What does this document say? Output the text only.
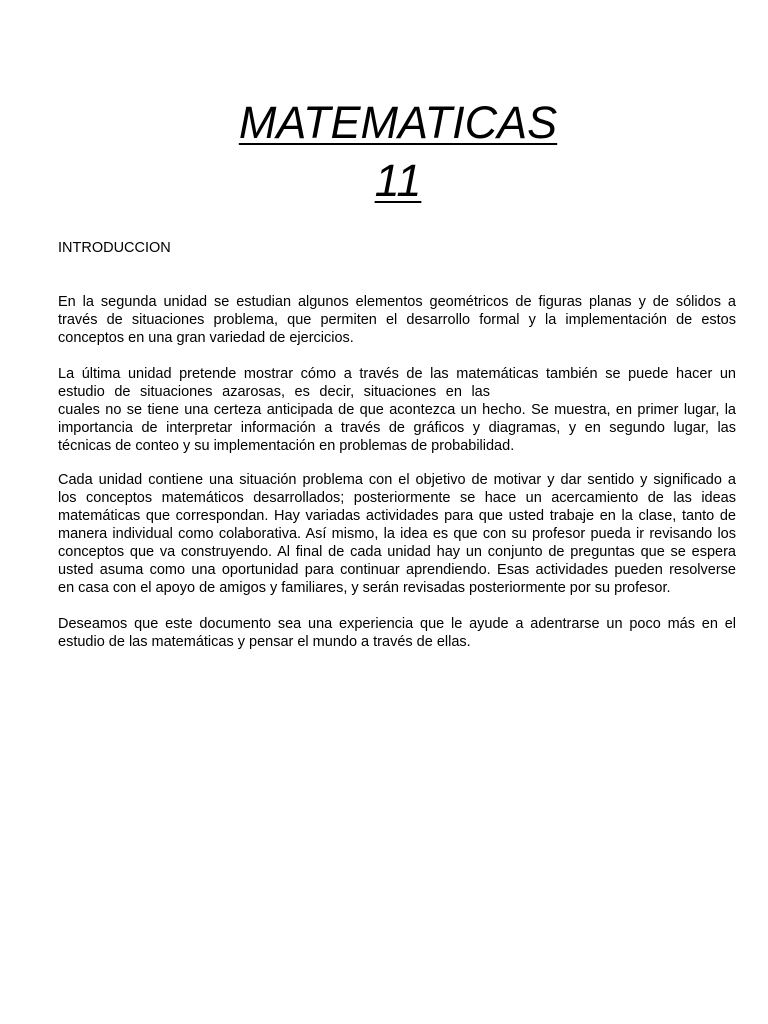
MATEMATICAS
11

INTRODUCCION

En la segunda unidad se estudian algunos elementos geométricos de figuras planas y de sólidos a
través de situaciones problema, que permiten el desarrollo formal y la implementación de estos
conceptos en una gran variedad de ejercicios.
La última unidad pretende mostrar cómo a través de las matemáticas también se puede hacer un
estudio de situaciones azarosas, es decir, situaciones en las
cuales no se tiene una certeza anticipada de que acontezca un hecho. Se muestra, en primer lugar, la
importancia de interpretar información a través de gráficos y diagramas, y en segundo lugar, las
técnicas de conteo y su implementación en problemas de probabilidad.
Cada unidad contiene una situación problema con el objetivo de motivar y dar sentido y significado a
los conceptos matemáticos desarrollados; posteriormente se hace un acercamiento de las ideas
matemáticas que correspondan. Hay variadas actividades para que usted trabaje en la clase, tanto de
manera individual como colaborativa. Así mismo, la idea es que con su profesor pueda ir revisando los
conceptos que va construyendo. Al final de cada unidad hay un conjunto de preguntas que se espera
usted asuma como una oportunidad para continuar aprendiendo. Esas actividades pueden resolverse
en casa con el apoyo de amigos y familiares, y serán revisadas posteriormente por su profesor.
Deseamos que este documento sea una experiencia que le ayude a adentrarse un poco más en el
estudio de las matemáticas y pensar el mundo a través de ellas.
